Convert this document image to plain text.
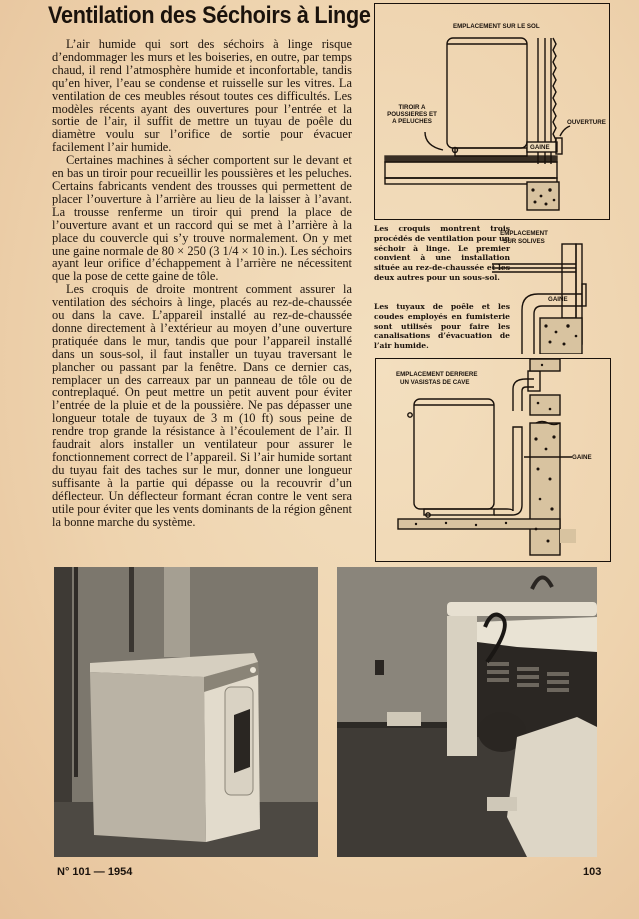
Ventilation des Séchoirs à Linge

L’air humide qui sort des séchoirs à linge risque d’endommager les murs et les boiseries, en outre, par temps chaud, il rend l’atmosphère humide et inconfortable, tandis qu’en hiver, l’eau se condense et ruisselle sur les vitres. La ventilation de ces meubles résout toutes ces difficultés. Les modèles récents ayant des ouvertures pour l’entrée et la sortie de l’air, il suffit de mettre un tuyau de poêle du diamètre voulu sur l’orifice de sortie pour évacuer facilement l’air humide.

Certaines machines à sécher comportent sur le devant et en bas un tiroir pour recueillir les poussières et les peluches. Certains fabricants vendent des trousses qui permettent de placer l’ouverture à l’arrière au lieu de la laisser à l’avant. La trousse renferme un tiroir qui prend la place de l’ouverture avant et un raccord qui se met à l’arrière à la place du couvercle qui s’y trouve normalement. On y met une gaine normale de 80 × 250 (3 1/4 × 10 in.). Les séchoirs ayant leur orifice d’échappement à l’arrière ne nécessitent que la pose de cette gaine de tôle.

Les croquis de droite montrent comment assurer la ventilation des séchoirs à linge, placés au rez-de-chaussée ou dans la cave. L’appareil installé au rez-de-chaussée donne directement à l’extérieur au moyen d’une ouverture pratiquée dans le mur, tandis que pour l’appareil installé dans un sous-sol, il faut installer un tuyau traversant le plancher ou passant par la fenêtre. Dans ce dernier cas, remplacer un des carreaux par un panneau de tôle ou de contreplaqué. On peut mettre un petit auvent pour éviter l’entrée de la pluie et de la poussière. Ne pas dépasser une longueur totale de tuyaux de 3 m (10 ft) sous peine de rendre trop grande la résistance à l’écoulement de l’air. Il faudrait alors installer un ventilateur pour assurer le fonctionnement correct de l’appareil. Si l’air humide sortant du tuyau fait des taches sur le mur, donner une longueur suffisante à la partie qui dépasse ou la recouvrir d’un déflecteur. Un déflecteur formant écran contre le vent sera utile pour éviter que les vents dominants de la région gênent la bonne marche du système.

EMPLACEMENT SUR LE SOL
TIROIR A
POUSSIERES ET
A PELUCHES	OUVERTURE
GAINE
Les croquis montrent trois procédés de ventilation pour un séchoir à linge. Le premier convient à une installation située au rez-de-chaussée et les deux autres pour un sous-sol.
Les tuyaux de poêle et les coudes employés en fumisterie sont utilisés pour faire les canalisations d’évacuation de l’air humide.
EMPLACEMENT
SUR SOLIVES
GAINE
EMPLACEMENT DERRIERE
UN VASISTAS DE CAVE
GAINE
N° 101 — 1954	103
